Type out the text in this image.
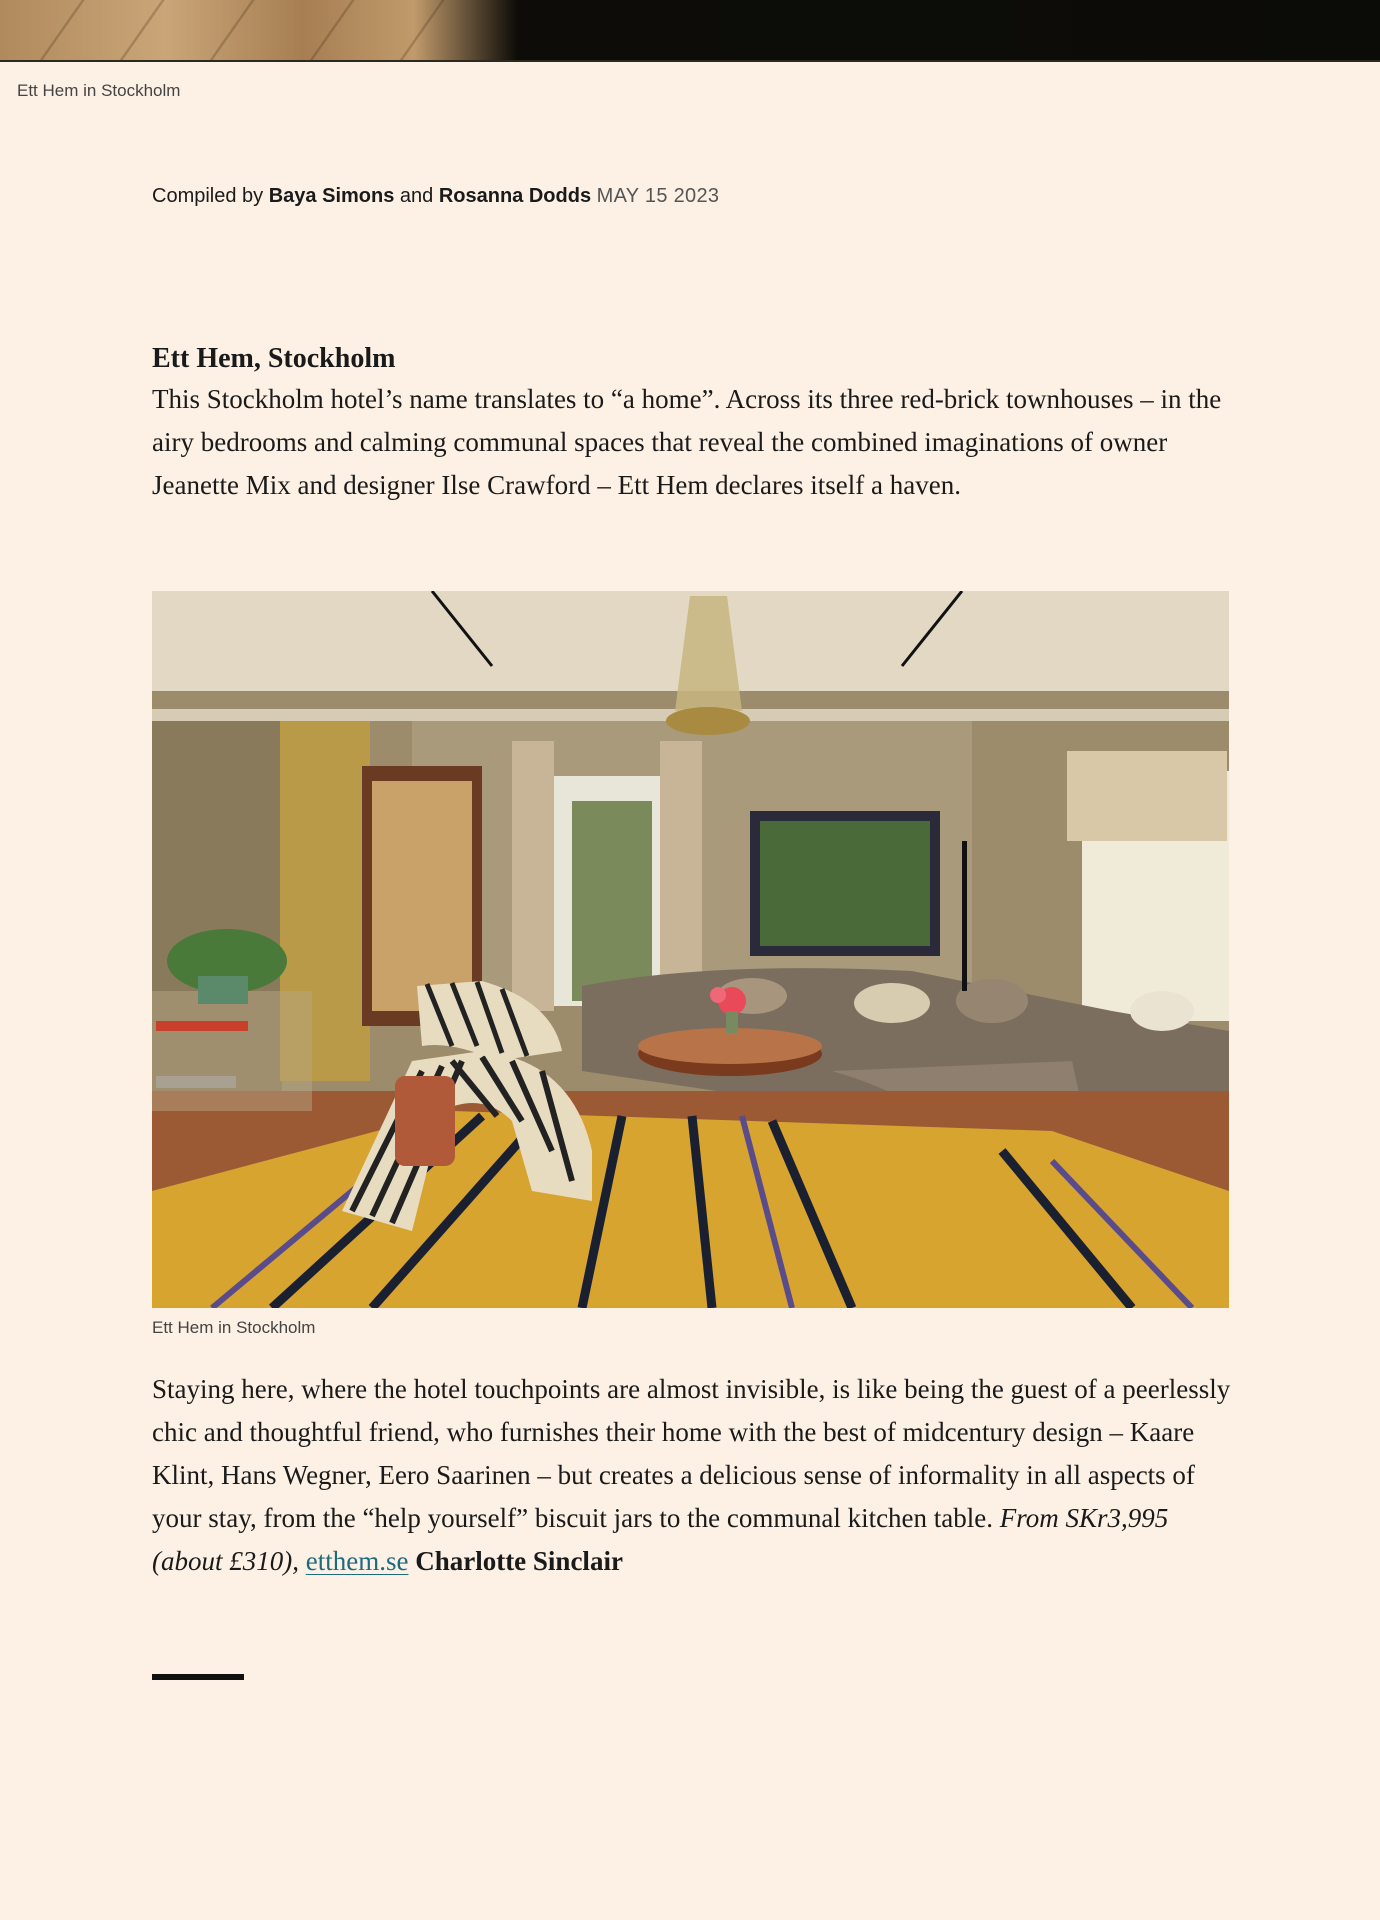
Ett Hem in Stockholm
Compiled by Baya Simons and Rosanna Dodds MAY 15 2023
Ett Hem, Stockholm

This Stockholm hotel’s name translates to “a home”. Across its three red-brick townhouses – in the airy bedrooms and calming communal spaces that reveal the combined imaginations of owner Jeanette Mix and designer Ilse Crawford – Ett Hem declares itself a haven.

Ett Hem in Stockholm

Staying here, where the hotel touchpoints are almost invisible, is like being the guest of a peerlessly chic and thoughtful friend, who furnishes their home with the best of midcentury design – Kaare Klint, Hans Wegner, Eero Saarinen – but creates a delicious sense of informality in all aspects of your stay, from the “help yourself” biscuit jars to the communal kitchen table. From SKr3,995 (about £310), etthem.se Charlotte Sinclair
